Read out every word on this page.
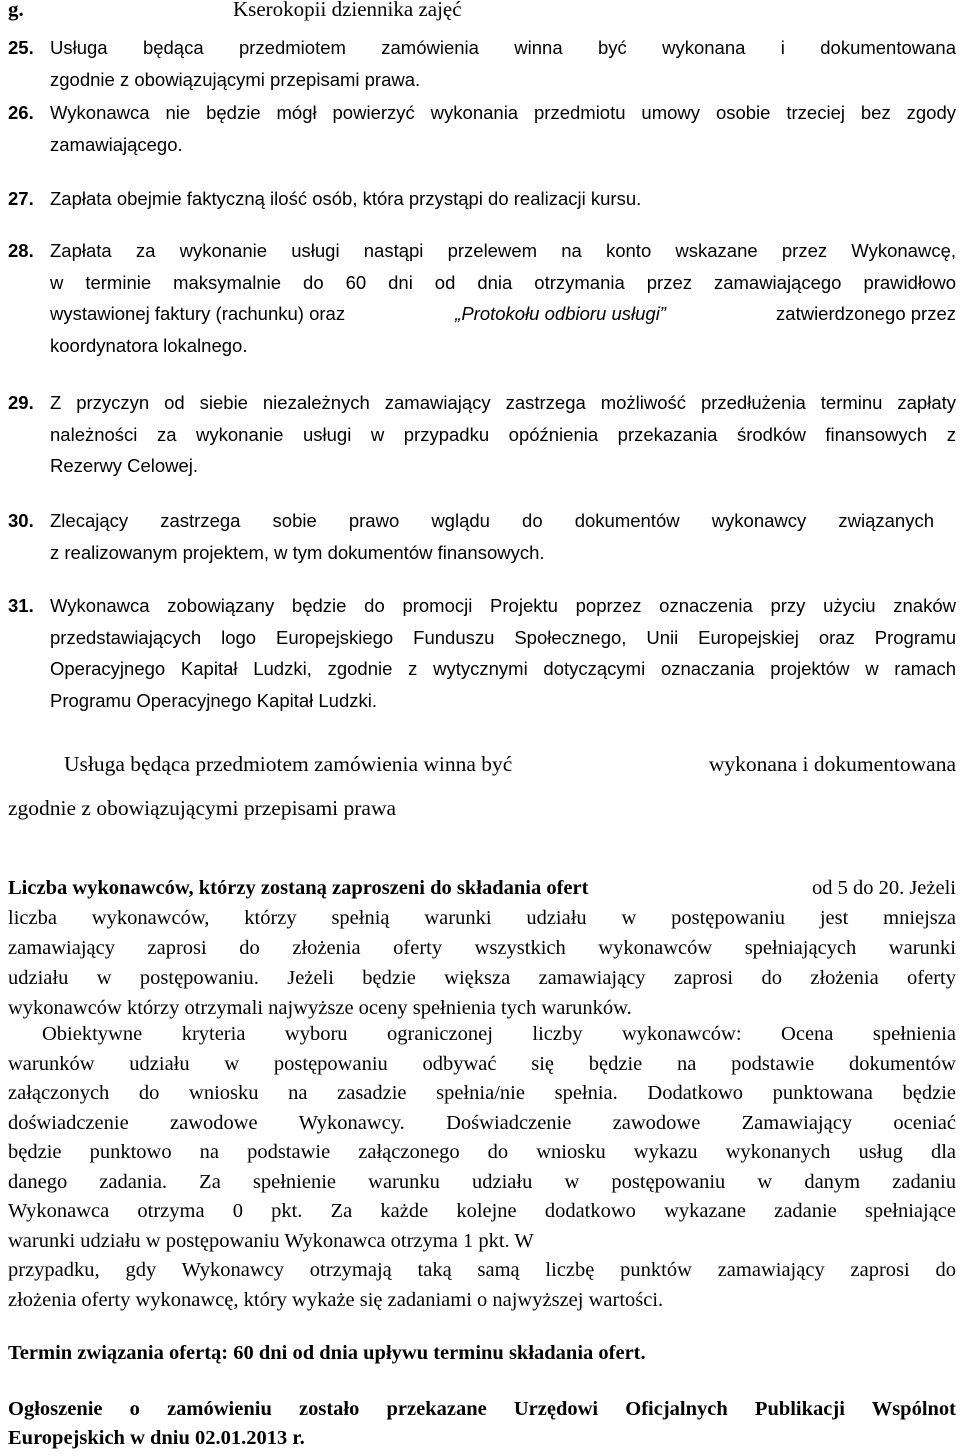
g.	Kserokopii dziennika zajęć
25. Usługa będąca przedmiotem zamówienia winna być wykonana i dokumentowana
zgodnie z obowiązującymi przepisami prawa.
26. Wykonawca nie będzie mógł powierzyć wykonania przedmiotu umowy osobie trzeciej bez zgody
zamawiającego.
27. Zapłata obejmie faktyczną ilość osób, która przystąpi do realizacji kursu.
28. Zapłata za wykonanie usługi nastąpi przelewem na konto wskazane przez Wykonawcę,
w terminie maksymalnie do 60 dni od dnia otrzymania przez zamawiającego prawidłowo
wystawionej faktury (rachunku) oraz	„Protokołu odbioru usługi”	zatwierdzonego przez
koordynatora lokalnego.
29. Z przyczyn od siebie niezależnych zamawiający zastrzega możliwość przedłużenia terminu zapłaty
należności za wykonanie usługi w przypadku opóźnienia przekazania środków finansowych z
Rezerwy Celowej.
30. Zlecający zastrzega sobie prawo wglądu do dokumentów wykonawcy związanych
z realizowanym projektem, w tym dokumentów finansowych.
31. Wykonawca zobowiązany będzie do promocji Projektu poprzez oznaczenia przy użyciu znaków
przedstawiających logo Europejskiego Funduszu Społecznego, Unii Europejskiej oraz Programu
Operacyjnego Kapitał Ludzki, zgodnie z wytycznymi dotyczącymi oznaczania projektów w ramach
Programu Operacyjnego Kapitał Ludzki.
Usługa będąca przedmiotem zamówienia winna być	wykonana i dokumentowana
zgodnie z obowiązującymi przepisami prawa
Liczba wykonawców, którzy zostaną zaproszeni do składania ofert	od 5 do 20. Jeżeli
liczba wykonawców, którzy spełnią warunki udziału w postępowaniu jest mniejsza
zamawiający zaprosi do złożenia oferty wszystkich wykonawców spełniających warunki
udziału w postępowaniu. Jeżeli będzie większa zamawiający zaprosi do złożenia oferty
wykonawców którzy otrzymali najwyższe oceny spełnienia tych warunków.
Obiektywne kryteria wyboru ograniczonej liczby wykonawców: Ocena spełnienia
warunków udziału w postępowaniu odbywać się będzie na podstawie dokumentów
załączonych do wniosku na zasadzie spełnia/nie spełnia. Dodatkowo punktowana będzie
doświadczenie zawodowe Wykonawcy. Doświadczenie zawodowe Zamawiający oceniać
będzie punktowo na podstawie załączonego do wniosku wykazu wykonanych usług dla
danego zadania. Za spełnienie warunku udziału w postępowaniu w danym zadaniu
Wykonawca otrzyma 0 pkt. Za każde kolejne dodatkowo wykazane zadanie spełniające
warunki udziału w postępowaniu Wykonawca otrzyma 1 pkt. W
przypadku, gdy Wykonawcy otrzymają taką samą liczbę punktów zamawiający zaprosi do
złożenia oferty wykonawcę, który wykaże się zadaniami o najwyższej wartości.
Termin związania ofertą: 60 dni od dnia upływu terminu składania ofert.
Ogłoszenie o zamówieniu zostało przekazane Urzędowi Oficjalnych Publikacji Wspólnot
Europejskich w dniu 02.01.2013 r.
